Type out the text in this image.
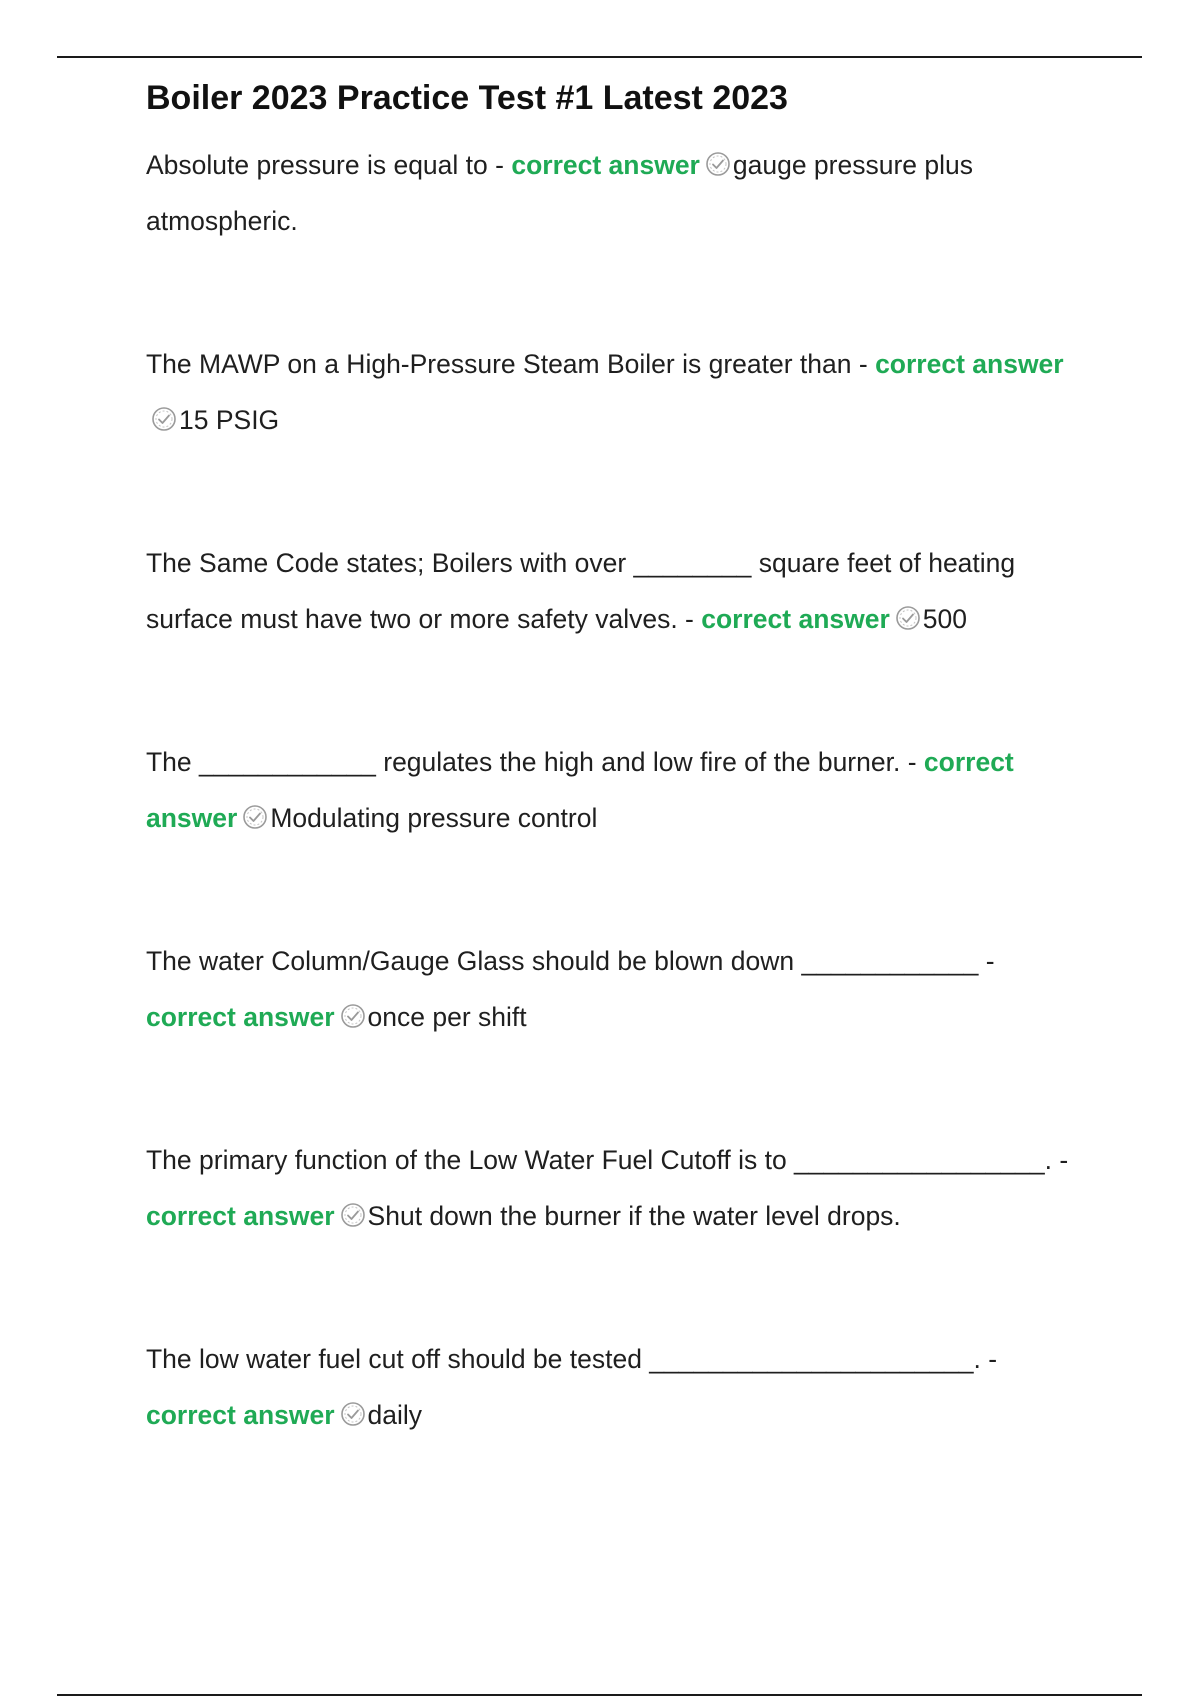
Boiler 2023 Practice Test #1 Latest 2023
Absolute pressure is equal to - correct answer gauge pressure plus atmospheric.
The MAWP on a High-Pressure Steam Boiler is greater than - correct answer
15 PSIG
The Same Code states; Boilers with over ________ square feet of heating surface must have two or more safety valves. - correct answer 500
The ____________ regulates the high and low fire of the burner. - correct answer Modulating pressure control
The water Column/Gauge Glass should be blown down ____________ - correct answer once per shift
The primary function of the Low Water Fuel Cutoff is to _________________. - correct answer Shut down the burner if the water level drops.
The low water fuel cut off should be tested ______________________. - correct answer daily
